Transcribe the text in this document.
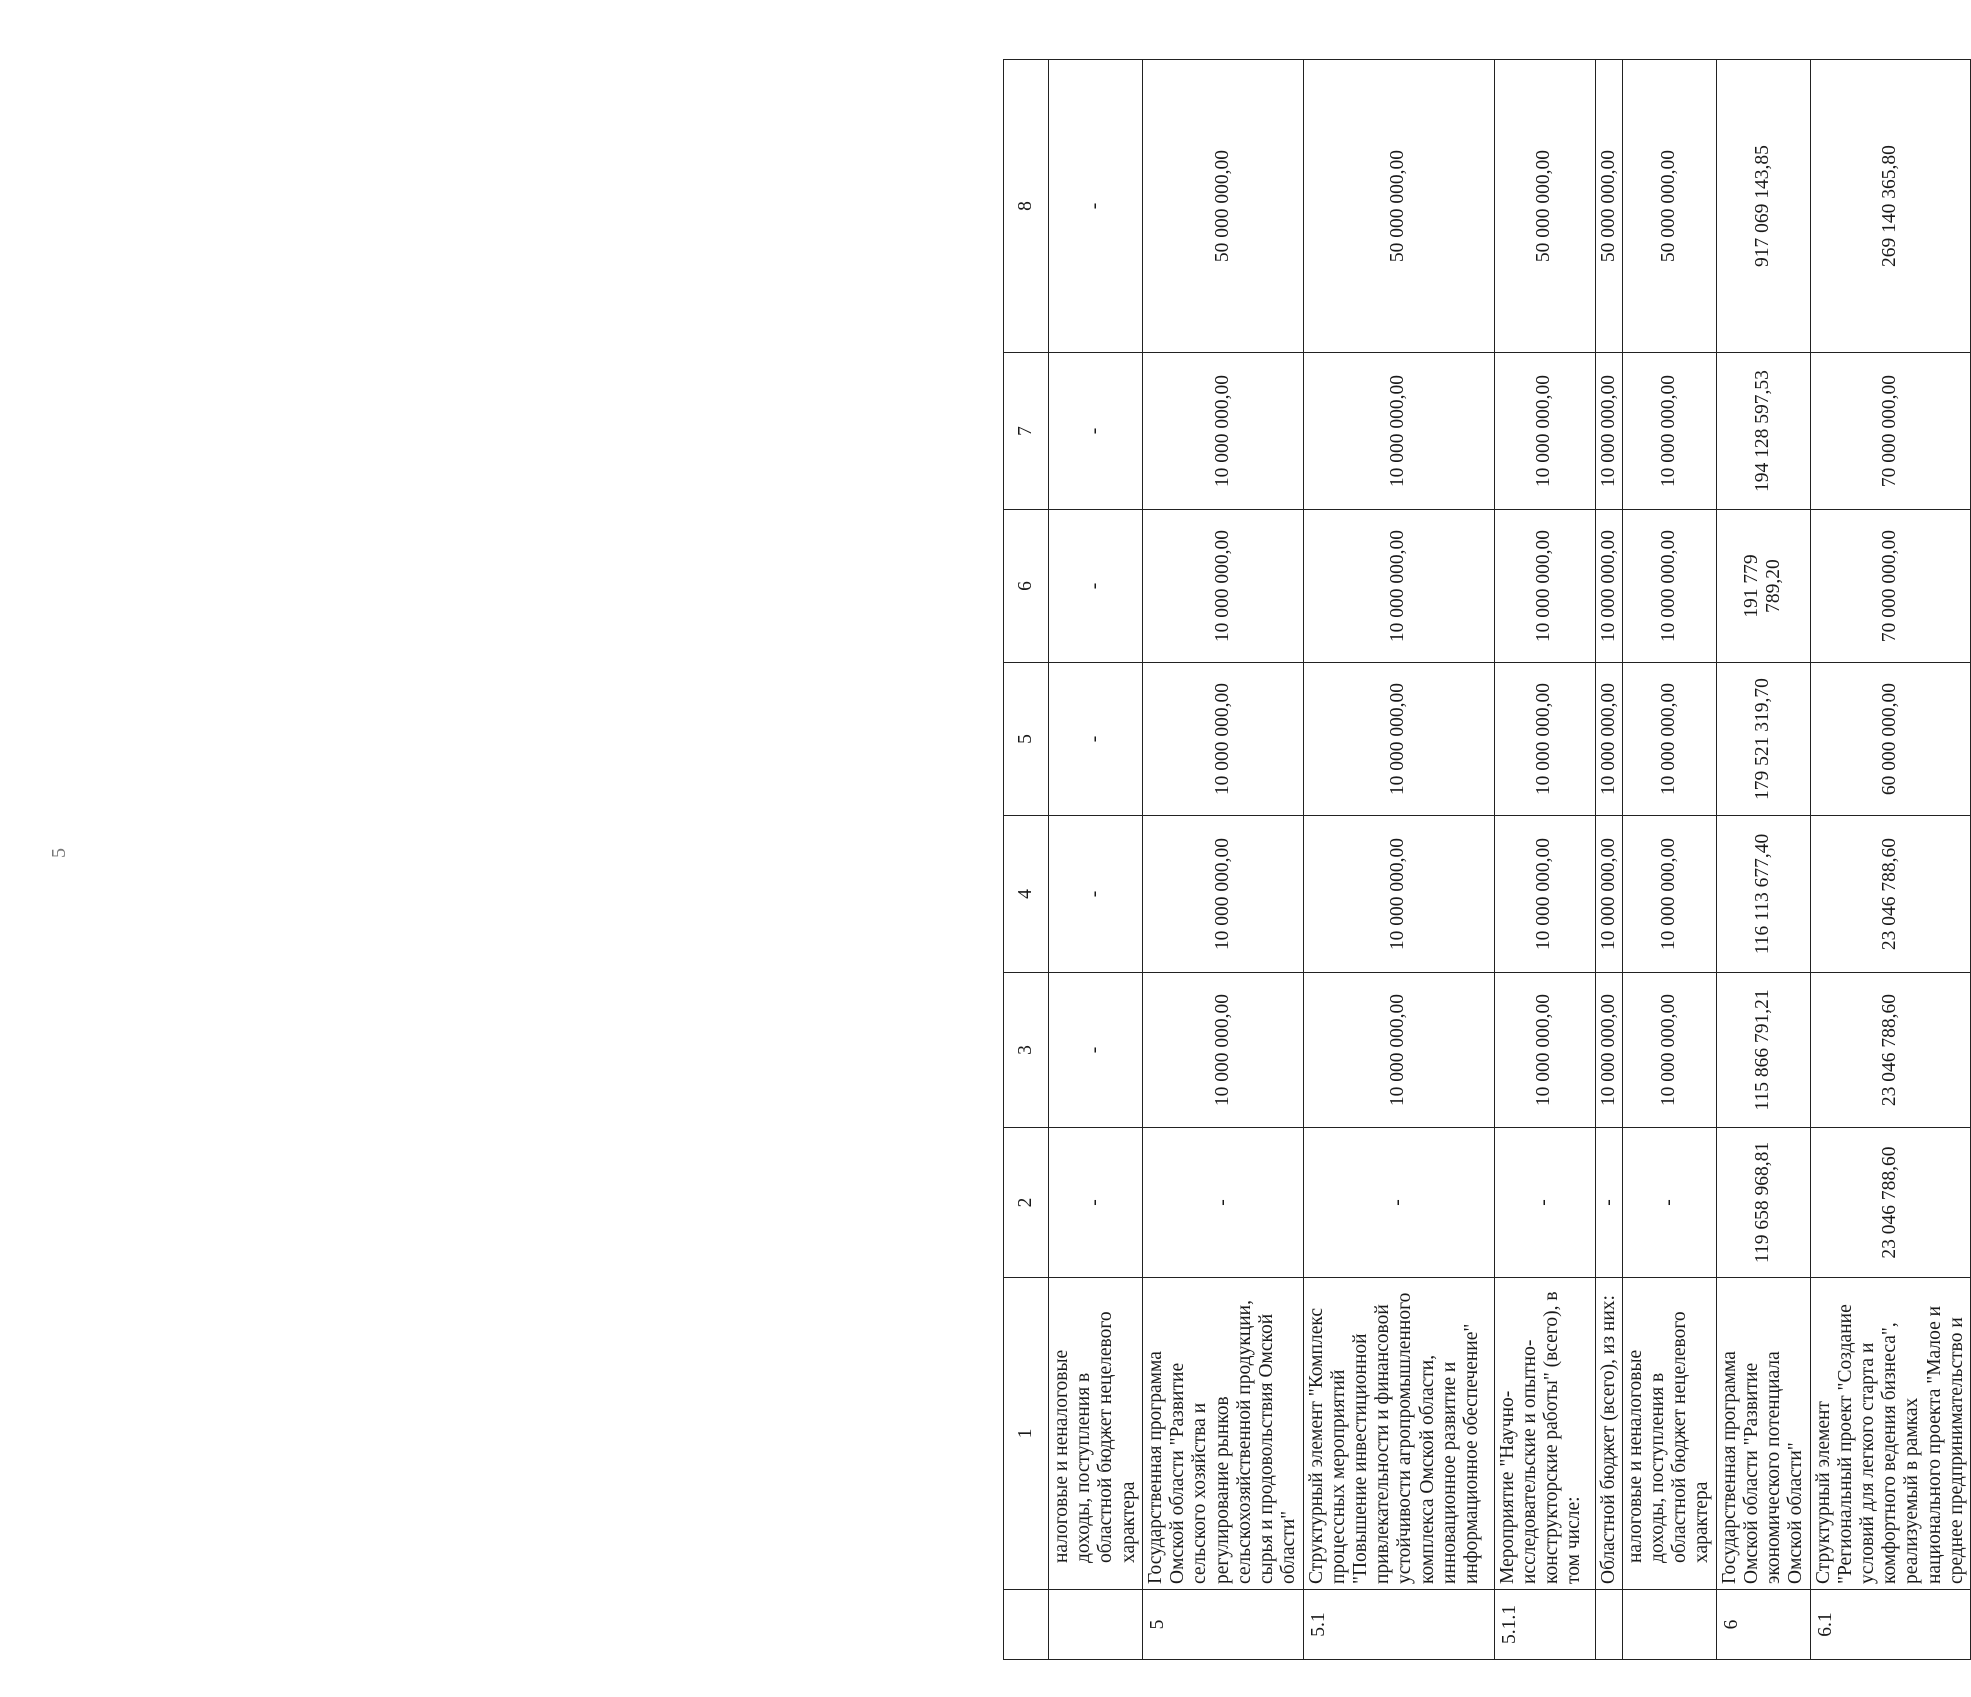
5
	1	2	3	4	5	6	7	8
	налоговые и неналоговые доходы, поступления в областной бюджет нецелевого характера	-	-	-	-	-	-	-
5	Государственная программа Омской области "Развитие сельского хозяйства и регулирование рынков сельскохозяйственной продукции, сырья и продовольствия Омской области"	-	10 000 000,00	10 000 000,00	10 000 000,00	10 000 000,00	10 000 000,00	50 000 000,00
5.1	Структурный элемент "Комплекс процессных мероприятий "Повышение инвестиционной привлекательности и финансовой устойчивости агропромышленного комплекса Омской области, инновационное развитие и информационное обеспечение"	-	10 000 000,00	10 000 000,00	10 000 000,00	10 000 000,00	10 000 000,00	50 000 000,00
5.1.1	Мероприятие "Научно-исследовательские и опытно-конструкторские работы" (всего), в том числе:	-	10 000 000,00	10 000 000,00	10 000 000,00	10 000 000,00	10 000 000,00	50 000 000,00
	Областной бюджет (всего), из них:	-	10 000 000,00	10 000 000,00	10 000 000,00	10 000 000,00	10 000 000,00	50 000 000,00
	налоговые и неналоговые доходы, поступления в областной бюджет нецелевого характера	-	10 000 000,00	10 000 000,00	10 000 000,00	10 000 000,00	10 000 000,00	50 000 000,00
6	Государственная программа Омской области "Развитие экономического потенциала Омской области"	119 658 968,81	115 866 791,21	116 113 677,40	179 521 319,70	191 779 789,20	194 128 597,53	917 069 143,85
6.1	Структурный элемент "Региональный проект "Создание условий для легкого старта и комфортного ведения бизнеса", реализуемый в рамках национального проекта "Малое и среднее предпринимательство и	23 046 788,60	23 046 788,60	23 046 788,60	60 000 000,00	70 000 000,00	70 000 000,00	269 140 365,80
